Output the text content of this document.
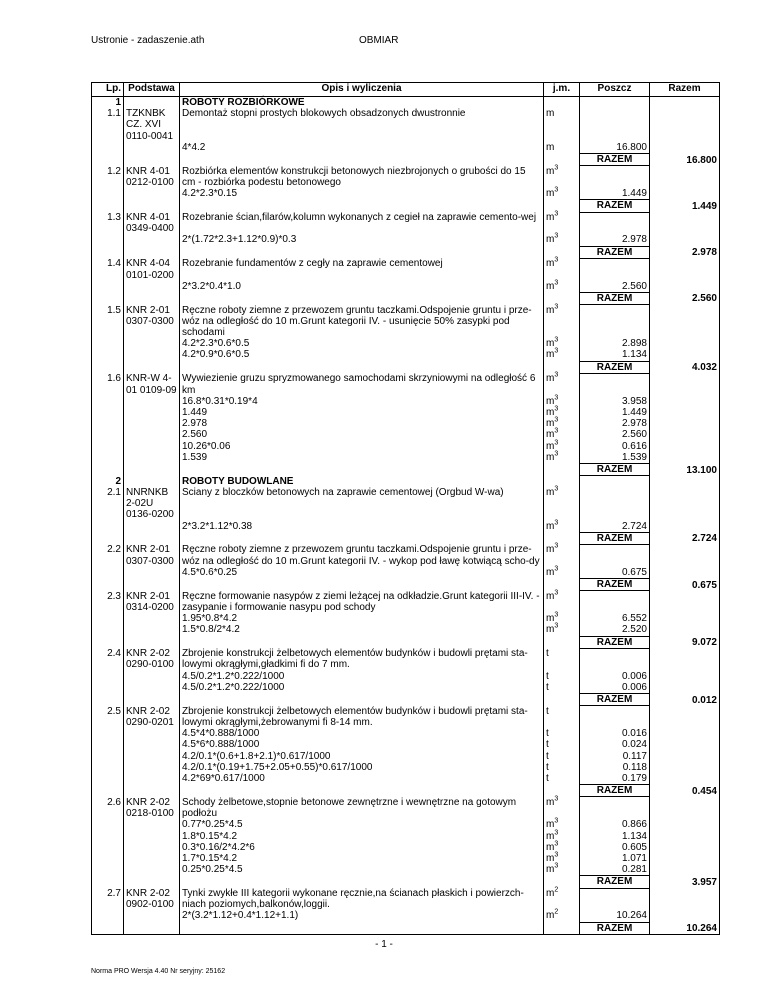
Ustronie - zadaszenie.ath	OBMIAR
Lp.	Podstawa	Opis i wyliczenia	j.m.	Poszcz	Razem
1		ROBOTY ROZBIÓRKOWE			
1.1	TZKNBK CZ. XVI 0110-0041	Demontaż stopni prostych blokowych obsadzonych dwustronnie	m		
		4*4.2	m	16.800	
				RAZEM	16.800
1.2	KNR 4-01 0212-0100	Rozbiórka elementów konstrukcji betonowych niezbrojonych o grubości do 15 cm - rozbiórka podestu betonowego	$m^3$		
		4.2*2.3*0.15	$m^3$	1.449	
				RAZEM	1.449
1.3	KNR 4-01 0349-0400	Rozebranie ścian,filarów,kolumn wykonanych z cegieł na zaprawie cemento-wej	$m^3$		
		2*(1.72*2.3+1.12*0.9)*0.3	$m^3$	2.978	
				RAZEM	2.978
1.4	KNR 4-04 0101-0200	Rozebranie fundamentów z cegły na zaprawie cementowej	$m^3$		
		2*3.2*0.4*1.0	$m^3$	2.560	
				RAZEM	2.560
1.5	KNR 2-01 0307-0300	Ręczne roboty ziemne z przewozem gruntu taczkami.Odspojenie gruntu i prze-wóz na odległość do 10 m.Grunt kategorii IV. - usunięcie 50% zasypki pod schodami	$m^3$		
		4.2*2.3*0.6*0.5	$m^3$	2.898	
		4.2*0.9*0.6*0.5	$m^3$	1.134	
				RAZEM	4.032
1.6	KNR-W 4-01 0109-09	Wywiezienie gruzu spryzmowanego samochodami skrzyniowymi na odległość 6 km	$m^3$		
		16.8*0.31*0.19*4	$m^3$	3.958	
		1.449	$m^3$	1.449	
		2.978	$m^3$	2.978	
		2.560	$m^3$	2.560	
		10.26*0.06	$m^3$	0.616	
		1.539	$m^3$	1.539	
				RAZEM	13.100
2		ROBOTY BUDOWLANE			
2.1	NNRNKB 2-02U 0136-0200	Sciany z bloczków betonowych na zaprawie cementowej (Orgbud W-wa)	$m^3$		
		2*3.2*1.12*0.38	$m^3$	2.724	
				RAZEM	2.724
2.2	KNR 2-01 0307-0300	Ręczne roboty ziemne z przewozem gruntu taczkami.Odspojenie gruntu i prze-wóz na odległość do 10 m.Grunt kategorii IV. - wykop pod ławę kotwiącą scho-dy	$m^3$		
		4.5*0.6*0.25	$m^3$	0.675	
				RAZEM	0.675
2.3	KNR 2-01 0314-0200	Ręczne formowanie nasypów z ziemi leżącej na odkładzie.Grunt kategorii III-IV. - zasypanie i formowanie nasypu pod schody	$m^3$		
		1.95*0.8*4.2	$m^3$	6.552	
		1.5*0.8/2*4.2	$m^3$	2.520	
				RAZEM	9.072
2.4	KNR 2-02 0290-0100	Zbrojenie konstrukcji żelbetowych elementów budynków i budowli prętami sta-lowymi okrągłymi,gładkimi fi do 7 mm.	t		
		4.5/0.2*1.2*0.222/1000	t	0.006	
		4.5/0.2*1.2*0.222/1000	t	0.006	
				RAZEM	0.012
2.5	KNR 2-02 0290-0201	Zbrojenie konstrukcji żelbetowych elementów budynków i budowli prętami sta-lowymi okrągłymi,żebrowanymi fi 8-14 mm.	t		
		4.5*4*0.888/1000	t	0.016	
		4.5*6*0.888/1000	t	0.024	
		4.2/0.1*(0.6+1.8+2.1)*0.617/1000	t	0.117	
		4.2/0.1*(0.19+1.75+2.05+0.55)*0.617/1000	t	0.118	
		4.2*69*0.617/1000	t	0.179	
				RAZEM	0.454
2.6	KNR 2-02 0218-0100	Schody żelbetowe,stopnie betonowe zewnętrzne i wewnętrzne na gotowym podłożu	$m^3$		
		0.77*0.25*4.5	$m^3$	0.866	
		1.8*0.15*4.2	$m^3$	1.134	
		0.3*0.16/2*4.2*6	$m^3$	0.605	
		1.7*0.15*4.2	$m^3$	1.071	
		0.25*0.25*4.5	$m^3$	0.281	
				RAZEM	3.957
2.7	KNR 2-02 0902-0100	Tynki zwykłe III kategorii wykonane ręcznie,na ścianach płaskich i powierzch-niach poziomych,balkonów,loggii.	$m^2$		
		2*(3.2*1.12+0.4*1.12+1.1)	$m^2$	10.264	
				RAZEM	10.264
- 1 -
Norma PRO Wersja 4.40 Nr seryjny: 25162
